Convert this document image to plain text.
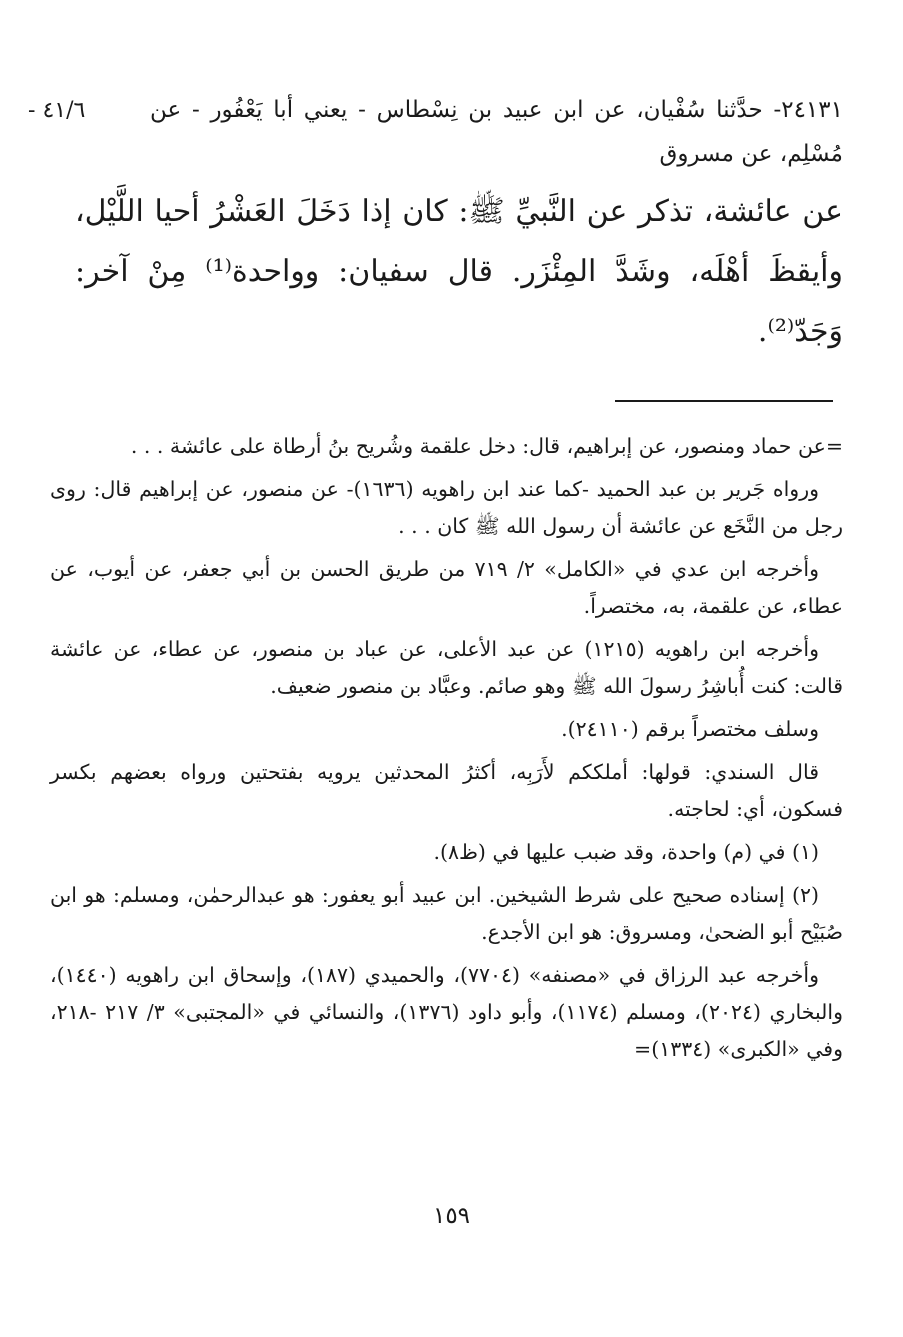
٤١/٦ -	٢٤١٣١- حدَّثنا سُفْيان، عن ابن عبيد بن نِسْطاس - يعني أبا يَعْفُور - عن مُسْلِم، عن مسروق
عن عائشة، تذكر عن النَّبيِّ ﷺ: كان إذا دَخَلَ العَشْرُ أحيا اللَّيْل، وأيقظَ أهْلَه، وشَدَّ المِئْزَر. قال سفيان: وواحدة⁽¹⁾ مِنْ آخر: وَجَدّ⁽²⁾.

=عن حماد ومنصور، عن إبراهيم، قال: دخل علقمة وشُريح بنُ أرطاة على عائشة . . .

ورواه جَرير بن عبد الحميد -كما عند ابن راهويه (١٦٣٦)- عن منصور، عن إبراهيم قال: روى رجل من النَّخَع عن عائشة أن رسول الله ﷺ كان . . .

وأخرجه ابن عدي في «الكامل» ٢/ ٧١٩ من طريق الحسن بن أبي جعفر، عن أيوب، عن عطاء، عن علقمة، به، مختصراً.

وأخرجه ابن راهويه (١٢١٥) عن عبد الأعلى، عن عباد بن منصور، عن عطاء، عن عائشة قالت: كنت أُباشِرُ رسولَ الله ﷺ وهو صائم. وعبَّاد بن منصور ضعيف.

وسلف مختصراً برقم (٢٤١١٠).

قال السندي: قولها: أملككم لأَرَبِه، أكثرُ المحدثين يرويه بفتحتين ورواه بعضهم بكسر فسكون، أي: لحاجته.

(١) في (م) واحدة، وقد ضبب عليها في (ظ٨).

(٢) إسناده صحيح على شرط الشيخين. ابن عبيد أبو يعفور: هو عبدالرحمٰن، ومسلم: هو ابن صُبَيْح أبو الضحىٰ، ومسروق: هو ابن الأجدع.

وأخرجه عبد الرزاق في «مصنفه» (٧٧٠٤)، والحميدي (١٨٧)، وإسحاق ابن راهويه (١٤٤٠)، والبخاري (٢٠٢٤)، ومسلم (١١٧٤)، وأبو داود (١٣٧٦)، والنسائي في «المجتبى» ٣/ ٢١٧ -٢١٨، وفي «الكبرى» (١٣٣٤)=

١٥٩
